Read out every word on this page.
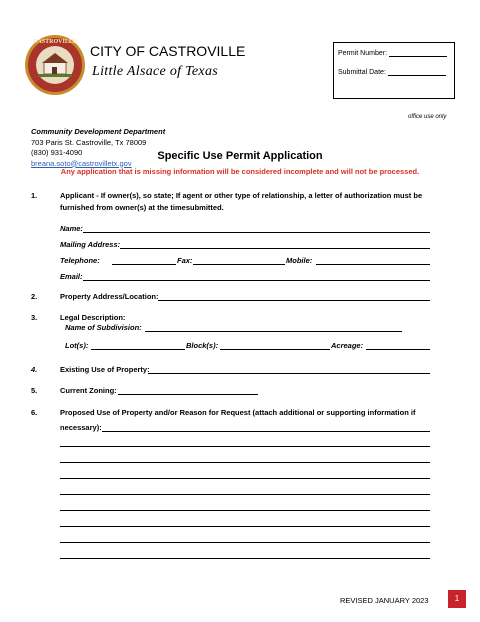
CASTROVILLE
CITY OF CASTROVILLE
Little Alsace of Texas
Permit Number:
Submittal Date:
office use only
Community Development Department
703 Paris St. Castroville, Tx 78009
(830) 931-4090
breana.soto@castrovilletx.gov
Specific Use Permit Application
Any application that is missing information will be considered incomplete and will not be processed.
1.	Applicant - If owner(s), so state; If agent or other type of relationship, a letter of authorization must be
furnished from owner(s) at the timesubmitted.
Name:
Mailing Address:
Telephone:	Fax:	Mobile:
Email:
2.	Property Address/Location:
3.	Legal Description:
Name of Subdivision:
Lot(s):	Block(s):	Acreage:
4.	Existing Use of Property:
5.	Current Zoning:
6.	Proposed Use of Property and/or Reason for Request (attach additional or supporting information if
necessary):
REVISED JANUARY 2023	1
